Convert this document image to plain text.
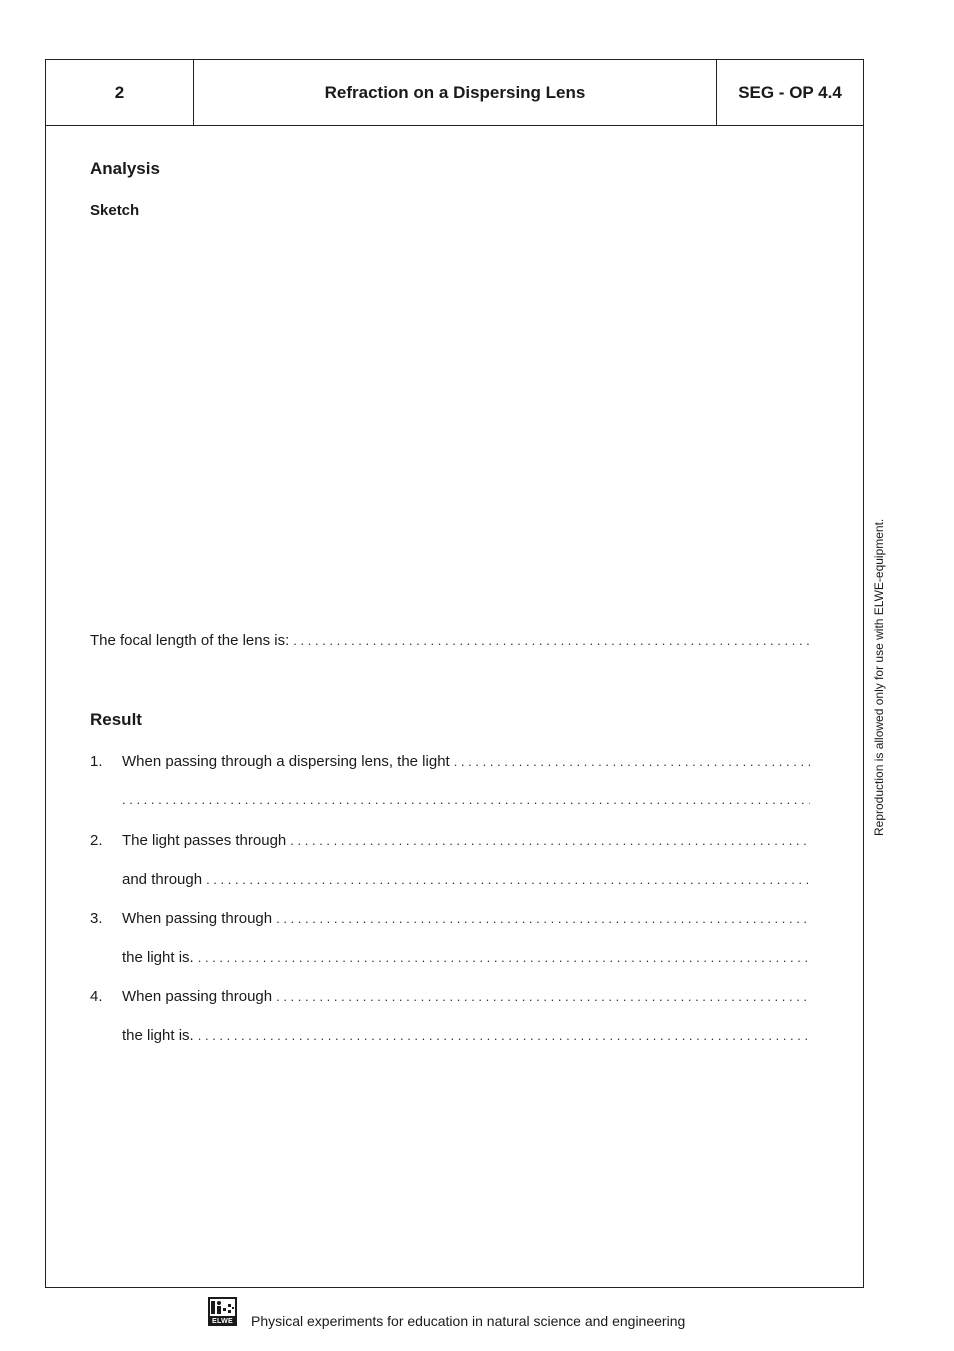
2	Refraction on a Dispersing Lens	SEG - OP 4.4
Analysis
Sketch
The focal length of the lens is:
. . .
Result
1. When passing through a dispersing lens, the light
. . .
. . .
2. The light passes through
. . .
and through
. . .
3. When passing through
. . .
the light is.
. . .
4. When passing through
. . .
the light is.
. . .
Reproduction is allowed only for use with ELWE-equipment.
ELWE Physical experiments for education in natural science and engineering
